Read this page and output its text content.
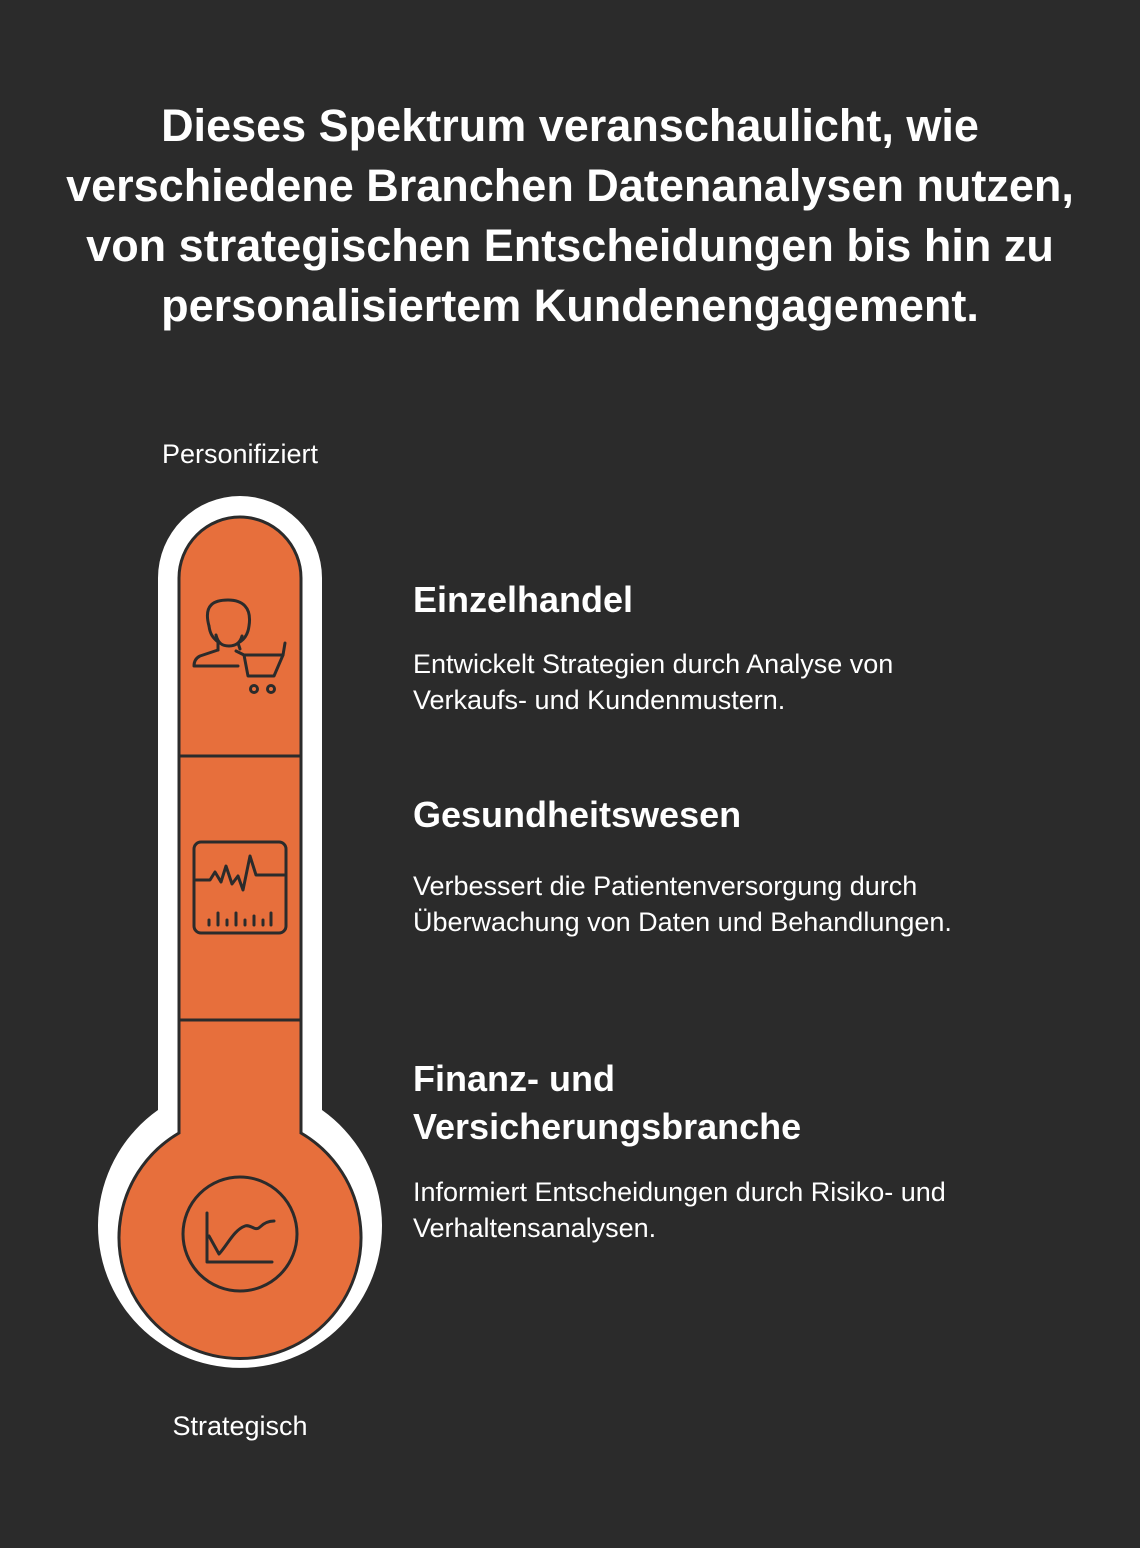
Dieses Spektrum veranschaulicht, wie verschiedene Branchen Datenanalysen nutzen, von strategischen Entscheidungen bis hin zu personalisiertem Kundenengagement.
Personifiziert
Strategisch
Einzelhandel

Entwickelt Strategien durch Analyse von Verkaufs- und Kundenmustern.

Gesundheitswesen

Verbessert die Patientenversorgung durch Überwachung von Daten und Behandlungen.

Finanz- und Versicherungsbranche

Informiert Entscheidungen durch Risiko- und Verhaltensanalysen.
